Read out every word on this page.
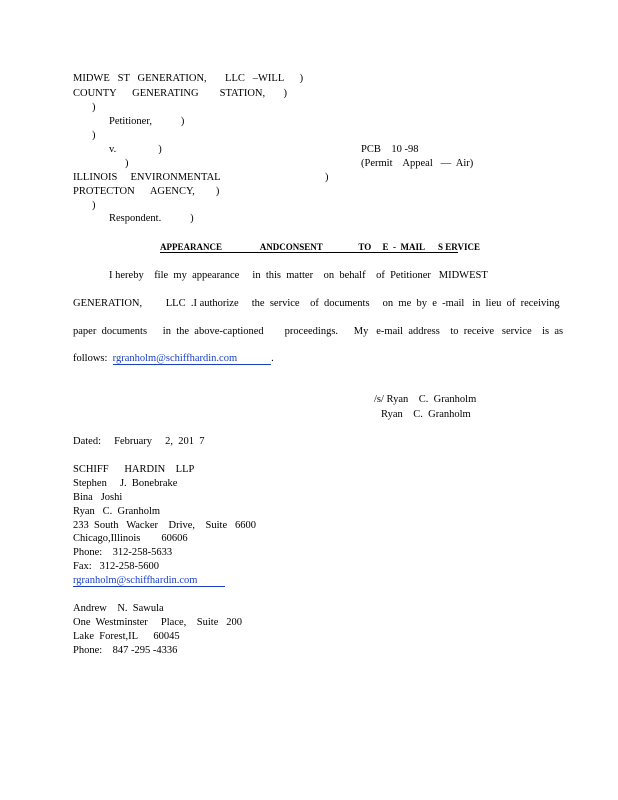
MIDWE   ST   GENERATION,       LLC   –WILL      )

COUNTY      GENERATING        STATION,       )

)

Petitioner,           )

)

v.                )

)

ILLINOIS     ENVIRONMENTAL	)

PROTECTON      AGENCY,        )

)

Respondent.           )

PCB    10 -98

(Permit    Appeal   —  Air)

APPEARANCE                 ANDCONSENT                TO     E  -  MAIL      S ERVICE

I hereby    file  my  appearance     in  this  matter    on  behalf    of  Petitioner   MIDWEST

GENERATION,         LLC  .I authorize     the  service    of  documents     on  me  by  e  -mail   in  lieu  of  receiving

paper  documents      in  the  above-captioned        proceedings.      My   e-mail  address    to  receive   service    is  as

follows:  rgranholm@schiffhardin.com	.

/s/ Ryan    C.  Granholm

Ryan    C.  Granholm

Dated:     February     2,  201  7

SCHIFF      HARDIN    LLP

Stephen     J.  Bonebrake

Bina   Joshi

Ryan   C.  Granholm

233  South   Wacker    Drive,    Suite   6600

Chicago,Illinois        60606

Phone:    312-258-5633

Fax:   312-258-5600

rgranholm@schiffhardin.com

Andrew    N.  Sawula

One  Westminster     Place,    Suite   200

Lake  Forest,IL      60045

Phone:    847 -295 -4336
